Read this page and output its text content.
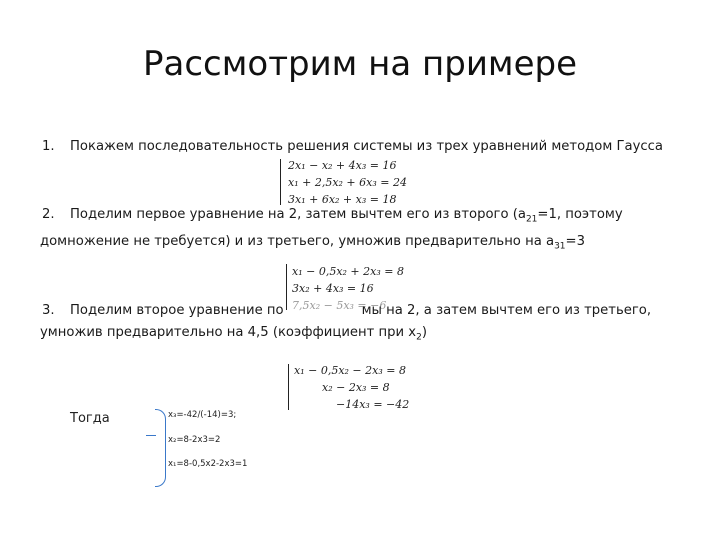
Рассмотрим на примере
1. Покажем последовательность решения системы из трех уравнений методом Гаусса
2x₁ − x₂ + 4x₃ = 16
x₁ + 2,5x₂ + 6x₃ = 24
3x₁ + 6x₂ + x₃ = 18
2. Поделим первое уравнение на 2, затем вычтем его из второго ($a_{21}=1$, поэтому
домножение не требуется) и из третьего, умножив предварительно на $a_{31}=3$
x₁ − 0,5x₂ + 2x₃ = 8
3x₂ + 4x₃ = 16
7,5x₂ − 5x₃ = −6
3. Поделим второе уравнение по	мы на 2, а затем вычтем его из третьего,
умножив предварительно на 4,5 (коэффициент при $x_2$)
x₁ − 0,5x₂ − 2x₃ = 8
x₂ − 2x₃ = 8
−14x₃ = −42
Тогда	x₃=-42/(-14)=3;
x₂=8-2x3=2
x₁=8-0,5x2-2x3=1
